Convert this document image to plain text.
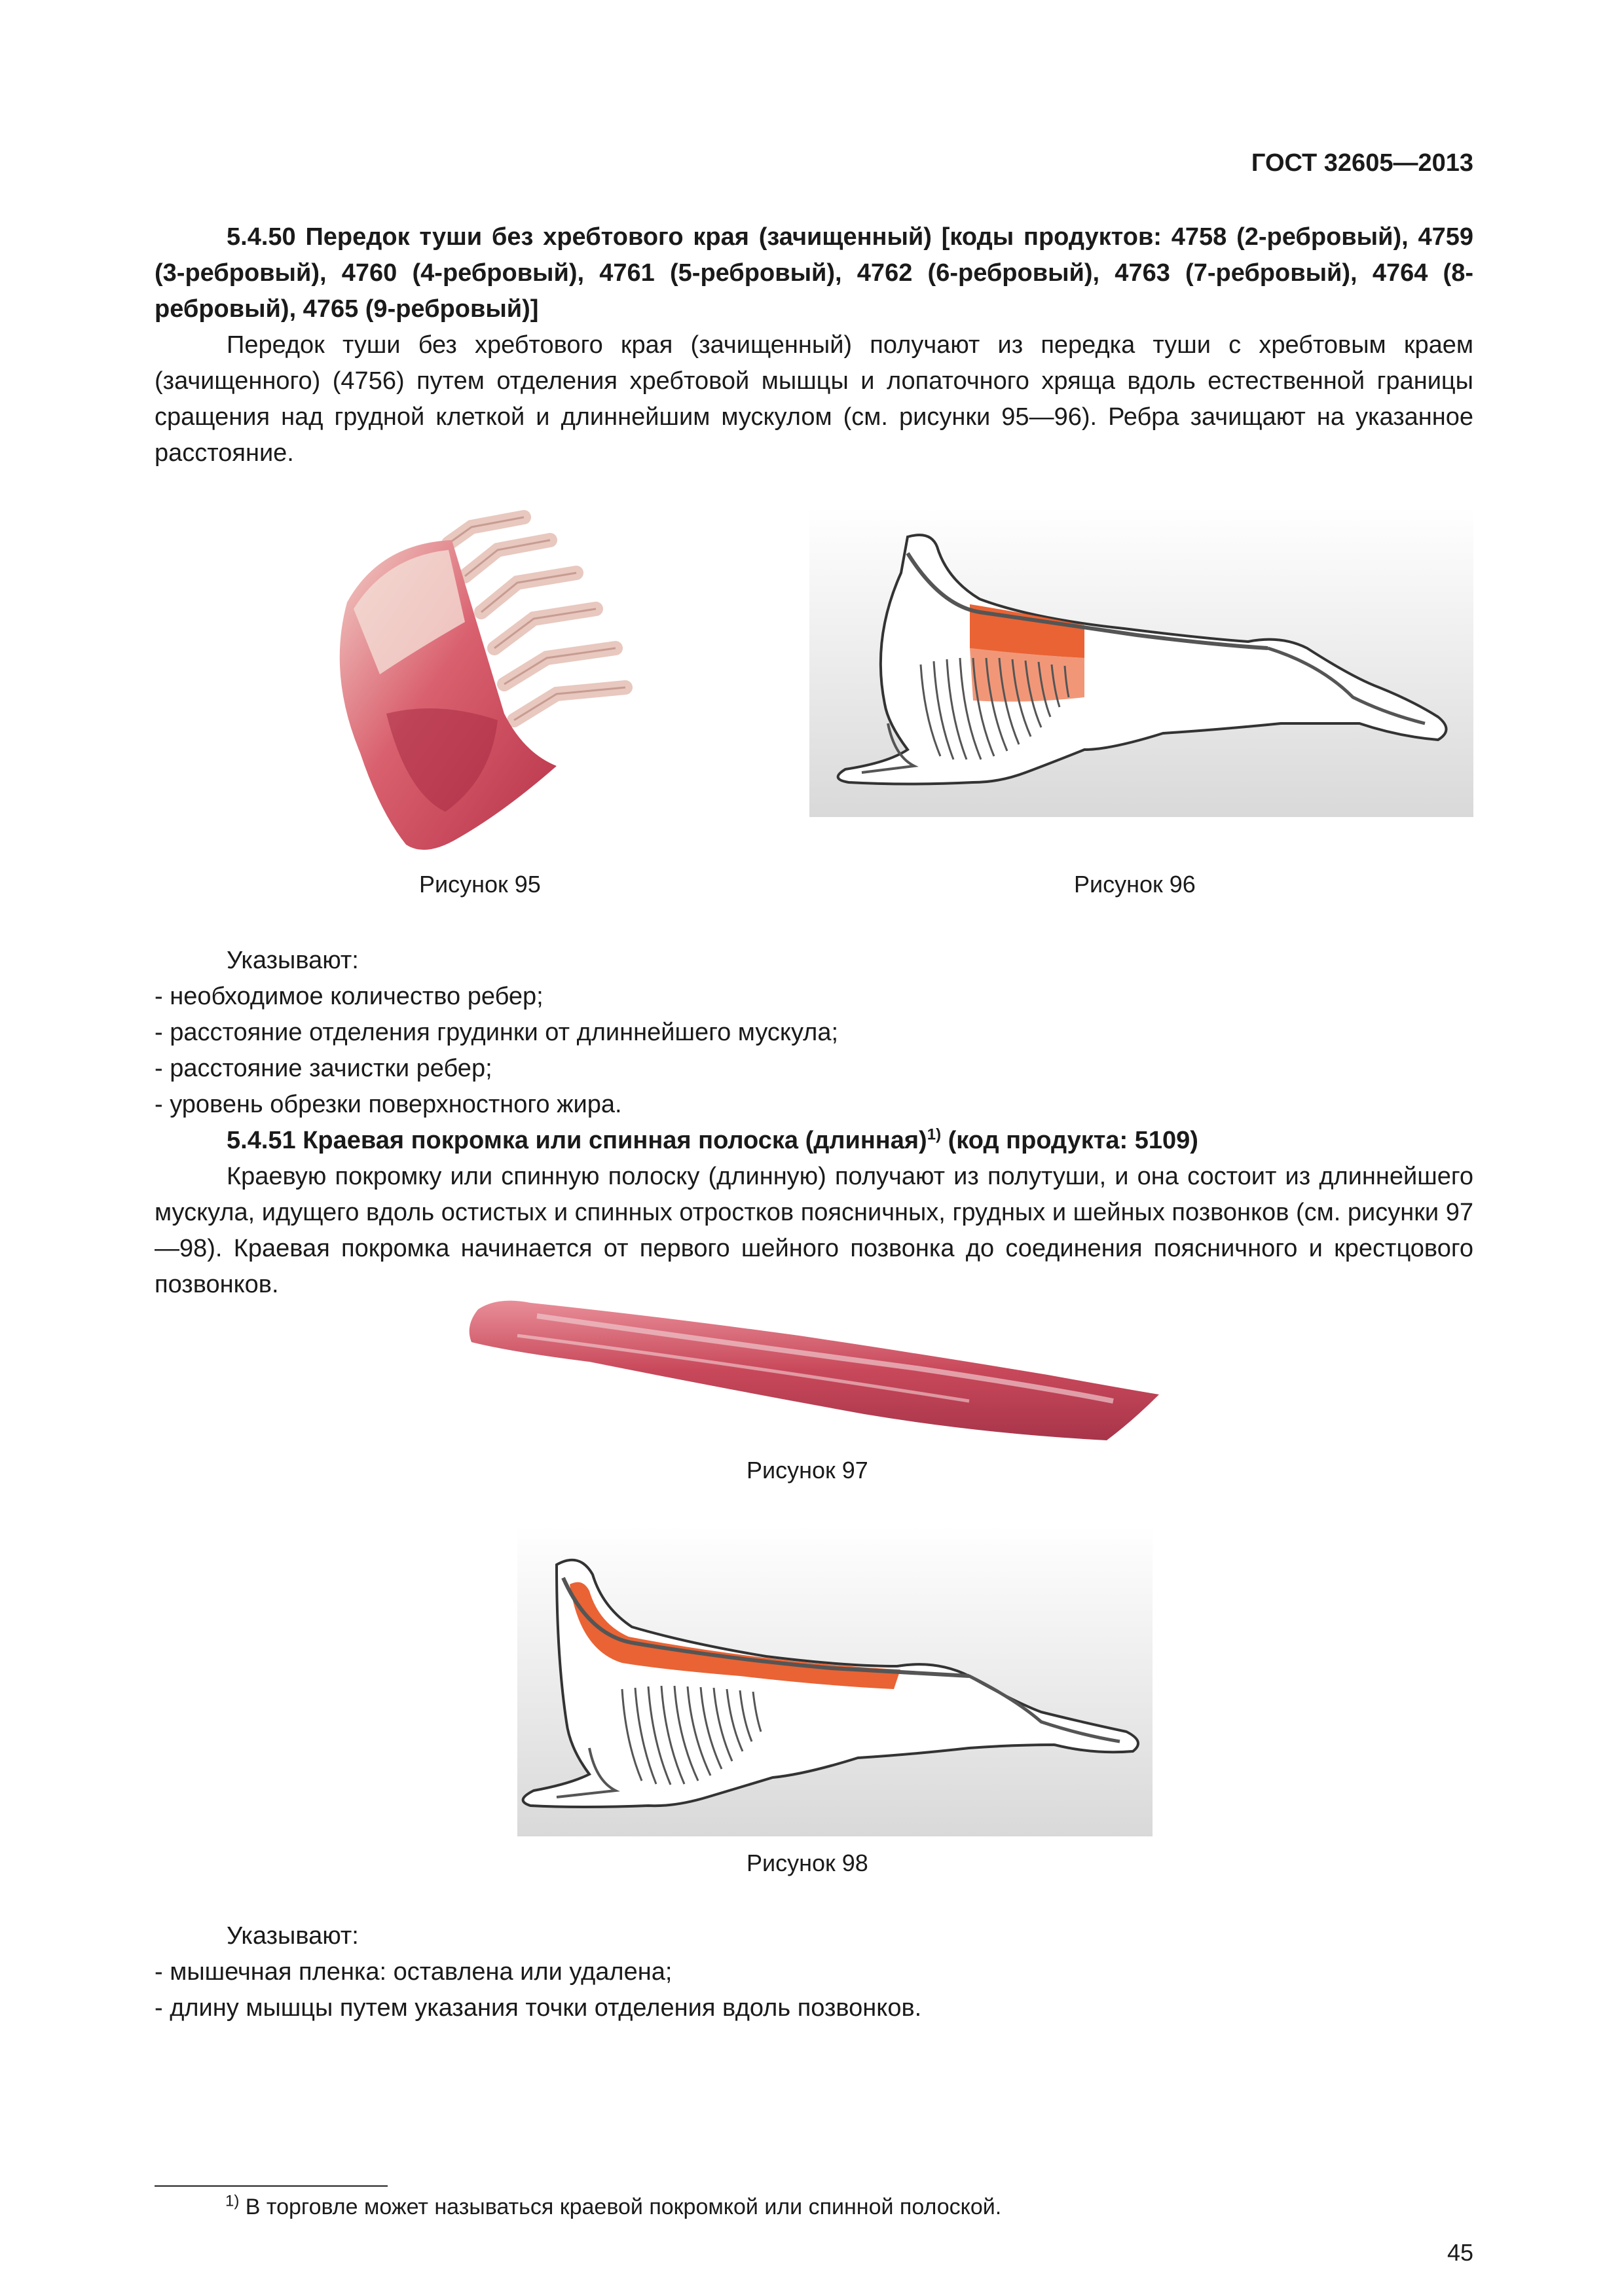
ГОСТ 32605—2013
5.4.50 Передок туши без хребтового края (зачищенный) [коды продуктов: 4758 (2-ребровый), 4759 (3-ребровый), 4760 (4-ребровый), 4761 (5-ребровый), 4762 (6-ребровый), 4763 (7-ребровый), 4764 (8-ребровый), 4765 (9-ребровый)]
Передок туши без хребтового края (зачищенный) получают из передка туши с хребтовым краем (зачищенного) (4756) путем отделения хребтовой мышцы и лопаточного хряща вдоль естественной границы сращения над грудной клеткой и длиннейшим мускулом (см. рисунки 95—96). Ребра зачищают на указанное расстояние.
Рисунок 95	Рисунок 96
Указывают:
- необходимое количество ребер;
- расстояние отделения грудинки от длиннейшего мускула;
- расстояние зачистки ребер;
- уровень обрезки поверхностного жира.
5.4.51 Краевая покромка или спинная полоска (длинная)$^{1)}$ (код продукта: 5109)
Краевую покромку или спинную полоску (длинную) получают из полутуши, и она состоит из длиннейшего мускула, идущего вдоль остистых и спинных отростков поясничных, грудных и шейных позвонков (см. рисунки 97—98). Краевая покромка начинается от первого шейного позвонка до соединения поясничного и крестцового позвонков.
Рисунок 97
Рисунок 98
Указывают:
- мышечная пленка: оставлена или удалена;
- длину мышцы путем указания точки отделения вдоль позвонков.
$^{1)}$ В торговле может называться краевой покромкой или спинной полоской.
45
